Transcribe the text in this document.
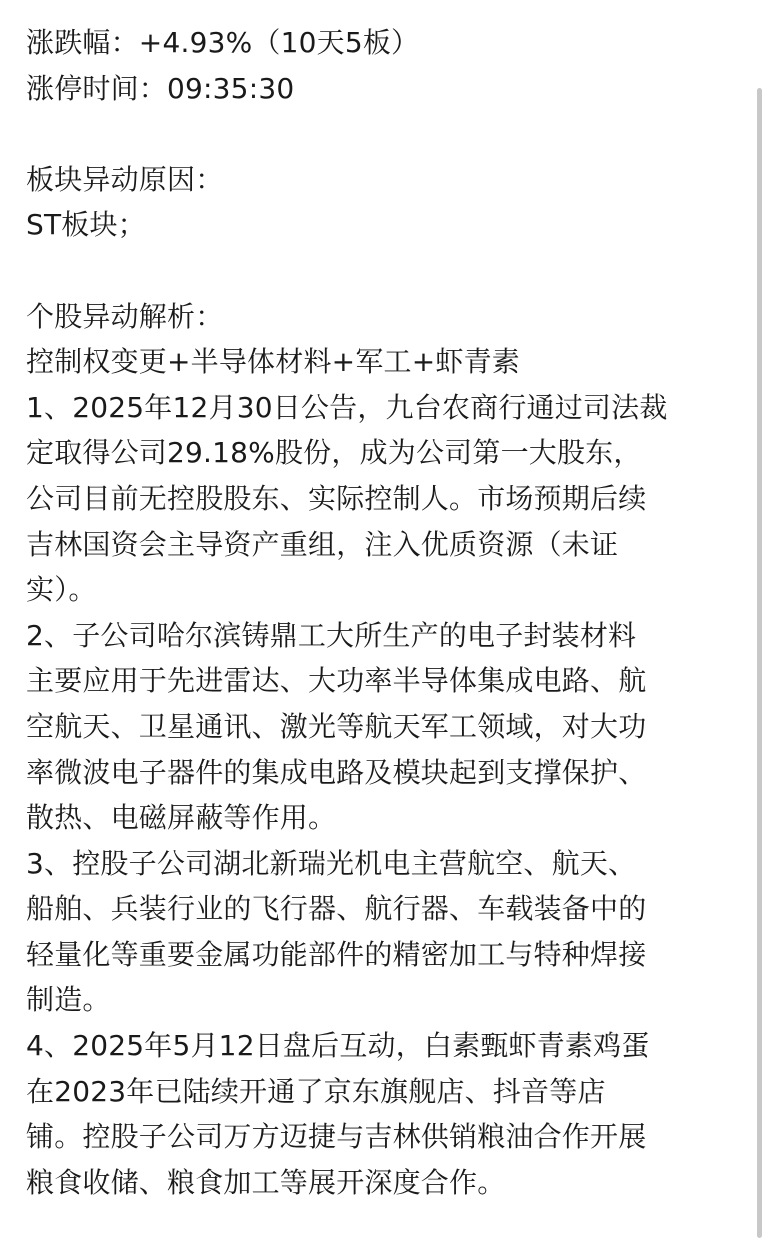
涨跌幅：+4.93%（10天5板）
涨停时间：09:35:30
板块异动原因：
ST板块；
个股异动解析：
控制权变更+半导体材料+军工+虾青素
1、2025年12月30日公告，九台农商行通过司法裁
定取得公司29.18%股份，成为公司第一大股东，
公司目前无控股股东、实际控制人。市场预期后续
吉林国资会主导资产重组，注入优质资源（未证
实）。
2、子公司哈尔滨铸鼎工大所生产的电子封装材料
主要应用于先进雷达、大功率半导体集成电路、航
空航天、卫星通讯、激光等航天军工领域，对大功
率微波电子器件的集成电路及模块起到支撑保护、
散热、电磁屏蔽等作用。
3、控股子公司湖北新瑞光机电主营航空、航天、
船舶、兵装行业的飞行器、航行器、车载装备中的
轻量化等重要金属功能部件的精密加工与特种焊接
制造。
4、2025年5月12日盘后互动，白素甄虾青素鸡蛋
在2023年已陆续开通了京东旗舰店、抖音等店
铺。控股子公司万方迈捷与吉林供销粮油合作开展
粮食收储、粮食加工等展开深度合作。
